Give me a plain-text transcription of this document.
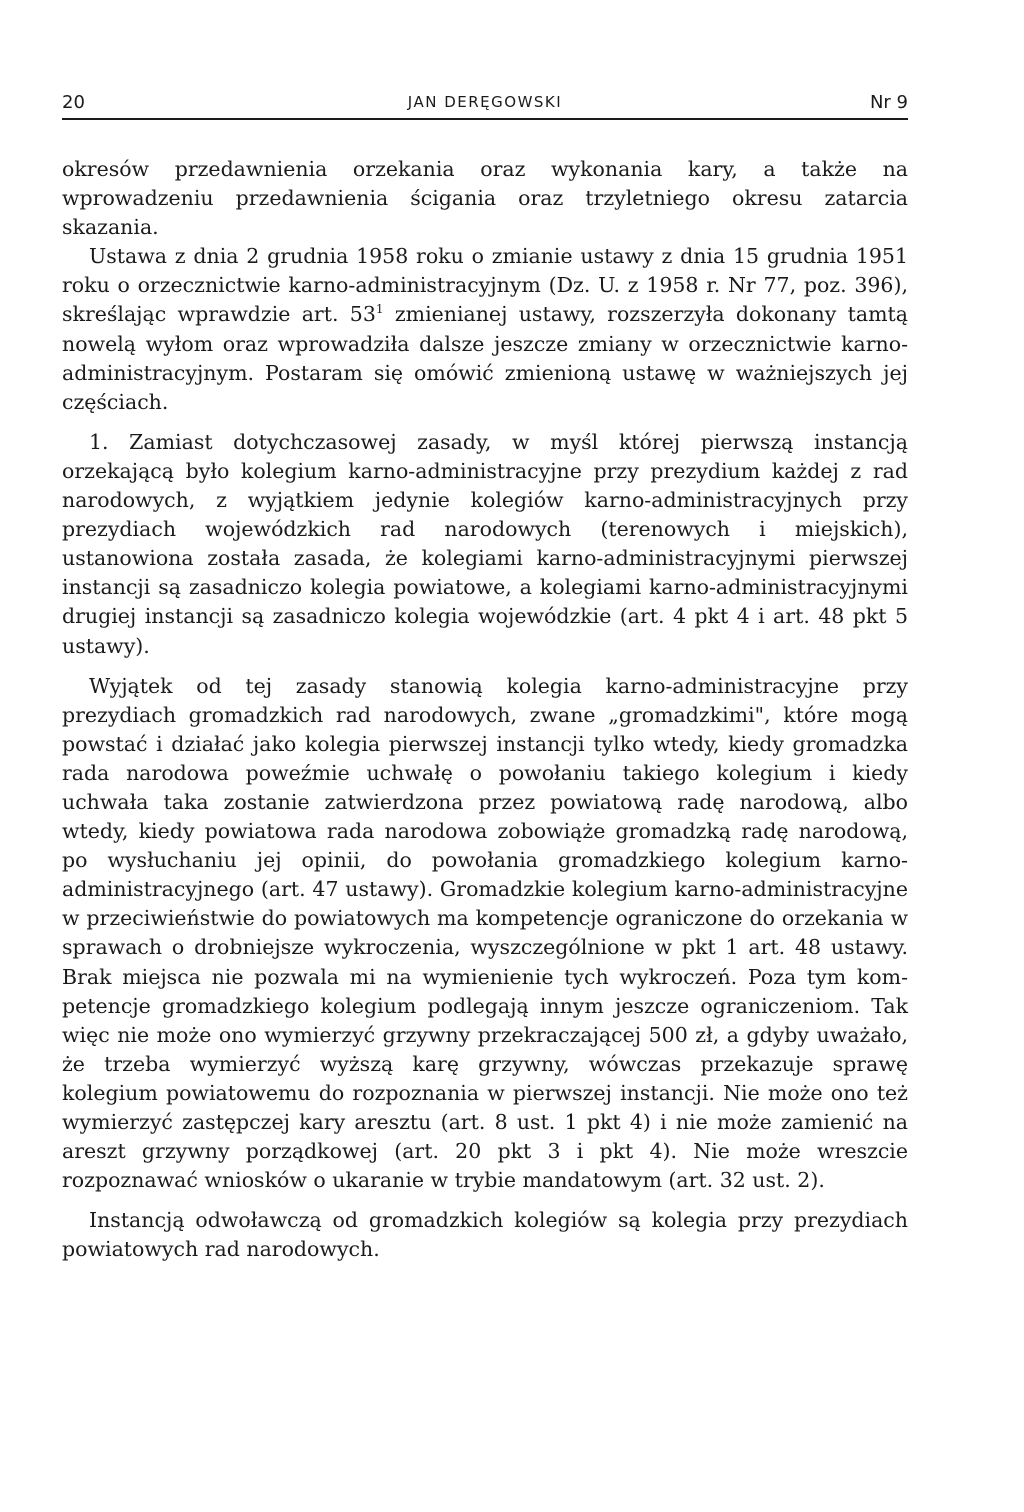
20	JAN DERĘGOWSKI	Nr 9

okresów przedawnienia orzekania oraz wykonania kary, a także na wprowadzeniu przedawnienia ścigania oraz trzyletniego okresu zatarcia skazania.

Ustawa z dnia 2 grudnia 1958 roku o zmianie ustawy z dnia 15 grudnia 1951 roku o orzecznictwie karno-administracyjnym (Dz. U. z 1958 r. Nr 77, poz. 396), skreślając wprawdzie art. $53^1$ zmienianej ustawy, rozszerzyła dokonany tamtą nowelą wyłom oraz wprowadziła dalsze jeszcze zmiany w orzecznictwie karno-administracyjnym. Postaram się omówić zmienioną ustawę w ważniejszych jej częściach.

1. Zamiast dotychczasowej zasady, w myśl której pierwszą instancją orzekającą było kolegium karno-administracyjne przy prezydium każdej z rad narodowych, z wyjątkiem jedynie kolegiów karno-administracyjnych przy prezydiach wojewódzkich rad narodowych (terenowych i miejskich), ustanowiona została zasada, że kolegiami karno-administracyjnymi pierwszej instancji są zasadniczo kolegia powiatowe, a kolegiami karno-administracyjnymi drugiej instancji są zasadniczo kolegia wojewódzkie (art. 4 pkt 4 i art. 48 pkt 5 ustawy).

Wyjątek od tej zasady stanowią kolegia karno-administracyjne przy prezydiach gromadzkich rad narodowych, zwane „gromadzkimi", które mogą powstać i działać jako kolegia pierwszej instancji tylko wtedy, kiedy gromadzka rada narodowa poweźmie uchwałę o powołaniu takiego kolegium i kiedy uchwała taka zostanie zatwierdzona przez powiatową radę narodową, albo wtedy, kiedy powiatowa rada narodowa zobowiąże gromadzką radę narodową, po wysłuchaniu jej opinii, do powołania gromadzkiego kolegium karno-administracyjnego (art. 47 ustawy). Gromadzkie kolegium karno-administracyjne w przeciwieństwie do powiatowych ma kompetencje ograniczone do orzekania w sprawach o drobniejsze wykroczenia, wyszczególnione w pkt 1 art. 48 ustawy. Brak miejsca nie pozwala mi na wymienienie tych wykroczeń. Poza tym kompetencje gromadzkiego kolegium podlegają innym jeszcze ograniczeniom. Tak więc nie może ono wymierzyć grzywny przekraczającej 500 zł, a gdyby uważało, że trzeba wymierzyć wyższą karę grzywny, wówczas przekazuje sprawę kolegium powiatowemu do rozpoznania w pierwszej instancji. Nie może ono też wymierzyć zastępczej kary aresztu (art. 8 ust. 1 pkt 4) i nie może zamienić na areszt grzywny porządkowej (art. 20 pkt 3 i pkt 4). Nie może wreszcie rozpoznawać wniosków o ukaranie w trybie mandatowym (art. 32 ust. 2).

Instancją odwoławczą od gromadzkich kolegiów są kolegia przy prezydiach powiatowych rad narodowych.
